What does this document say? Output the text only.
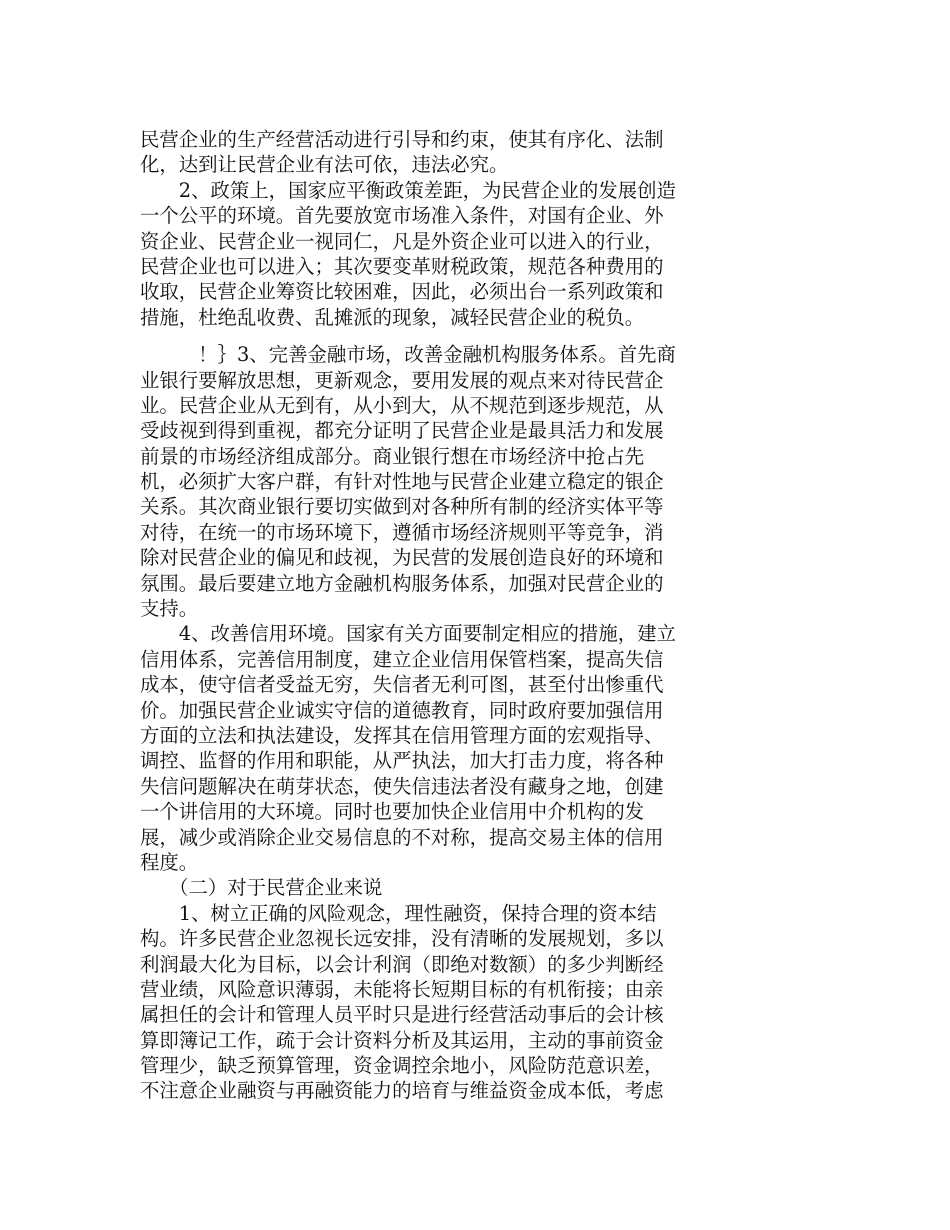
民营企业的生产经营活动进行引导和约束，使其有序化、法制
化，达到让民营企业有法可依，违法必究。
　　2、政策上，国家应平衡政策差距，为民营企业的发展创造
一个公平的环境。首先要放宽市场准入条件，对国有企业、外
资企业、民营企业一视同仁，凡是外资企业可以进入的行业，
民营企业也可以进入；其次要变革财税政策，规范各种费用的
收取，民营企业筹资比较困难，因此，必须出台一系列政策和
措施，杜绝乱收费、乱摊派的现象，减轻民营企业的税负。
　　　！｝3、完善金融市场，改善金融机构服务体系。首先商
业银行要解放思想，更新观念，要用发展的观点来对待民营企
业。民营企业从无到有，从小到大，从不规范到逐步规范，从
受歧视到得到重视，都充分证明了民营企业是最具活力和发展
前景的市场经济组成部分。商业银行想在市场经济中抢占先
机，必须扩大客户群，有针对性地与民营企业建立稳定的银企
关系。其次商业银行要切实做到对各种所有制的经济实体平等
对待，在统一的市场环境下，遵循市场经济规则平等竞争，消
除对民营企业的偏见和歧视，为民营的发展创造良好的环境和
氛围。最后要建立地方金融机构服务体系，加强对民营企业的
支持。
　　4、改善信用环境。国家有关方面要制定相应的措施，建立
信用体系，完善信用制度，建立企业信用保管档案，提高失信
成本，使守信者受益无穷，失信者无利可图，甚至付出惨重代
价。加强民营企业诚实守信的道德教育，同时政府要加强信用
方面的立法和执法建设，发挥其在信用管理方面的宏观指导、
调控、监督的作用和职能，从严执法，加大打击力度，将各种
失信问题解决在萌芽状态，使失信违法者没有藏身之地，创建
一个讲信用的大环境。同时也要加快企业信用中介机构的发
展，减少或消除企业交易信息的不对称，提高交易主体的信用
程度。
　　（二）对于民营企业来说
　　1、树立正确的风险观念，理性融资，保持合理的资本结
构。许多民营企业忽视长远安排，没有清晰的发展规划，多以
利润最大化为目标，以会计利润（即绝对数额）的多少判断经
营业绩，风险意识薄弱，未能将长短期目标的有机衔接；由亲
属担任的会计和管理人员平时只是进行经营活动事后的会计核
算即簿记工作，疏于会计资料分析及其运用，主动的事前资金
管理少，缺乏预算管理，资金调控余地小，风险防范意识差，
不注意企业融资与再融资能力的培育与维益资金成本低，考虑
